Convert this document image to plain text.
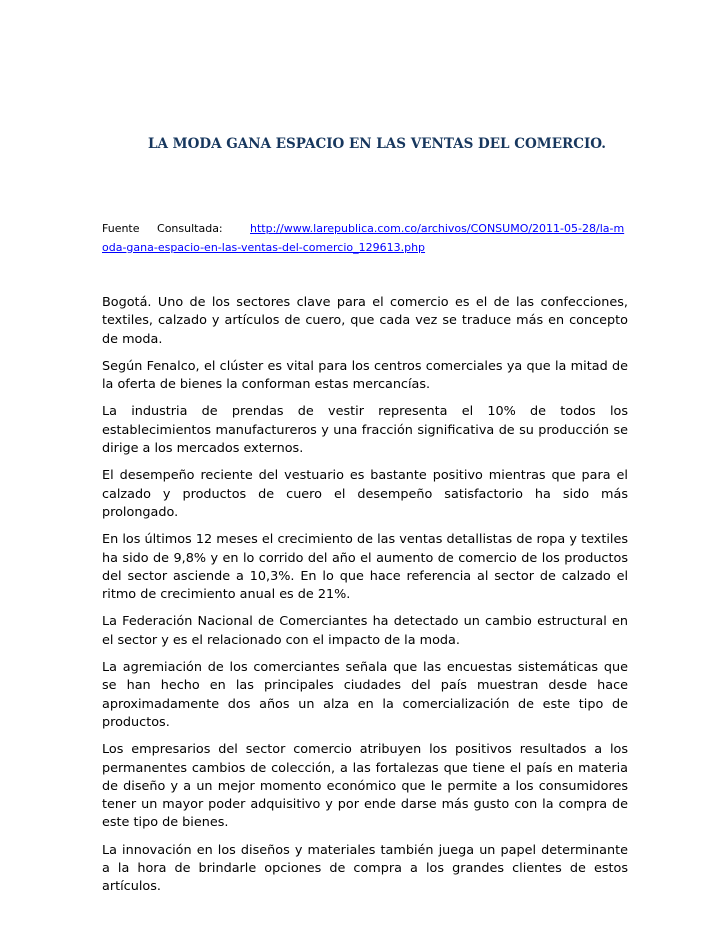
LA MODA GANA ESPACIO EN LAS VENTAS DEL COMERCIO.

Fuente Consultada: http://www.larepublica.com.co/archivos/CONSUMO/2011-05-28/la-moda-gana-espacio-en-las-ventas-del-comercio_129613.php

Bogotá. Uno de los sectores clave para el comercio es el de las confecciones, textiles, calzado y artículos de cuero, que cada vez se traduce más en concepto de moda.

Según Fenalco, el clúster es vital para los centros comerciales ya que la mitad de la oferta de bienes la conforman estas mercancías.

La industria de prendas de vestir representa el 10% de todos los establecimientos manufactureros y una fracción significativa de su producción se dirige a los mercados externos.

El desempeño reciente del vestuario es bastante positivo mientras que para el calzado y productos de cuero el desempeño satisfactorio ha sido más prolongado.

En los últimos 12 meses el crecimiento de las ventas detallistas de ropa y textiles ha sido de 9,8% y en lo corrido del año el aumento de comercio de los productos del sector asciende a 10,3%. En lo que hace referencia al sector de calzado el ritmo de crecimiento anual es de 21%.

La Federación Nacional de Comerciantes ha detectado un cambio estructural en el sector y es el relacionado con el impacto de la moda.

La agremiación de los comerciantes señala que las encuestas sistemáticas que se han hecho en las principales ciudades del país muestran desde hace aproximadamente dos años un alza en la comercialización de este tipo de productos.

Los empresarios del sector comercio atribuyen los positivos resultados a los permanentes cambios de colección, a las fortalezas que tiene el país en materia de diseño y a un mejor momento económico que le permite a los consumidores tener un mayor poder adquisitivo y por ende darse más gusto con la compra de este tipo de bienes.

La innovación en los diseños y materiales también juega un papel determinante a la hora de brindarle opciones de compra a los grandes clientes de estos artículos.
